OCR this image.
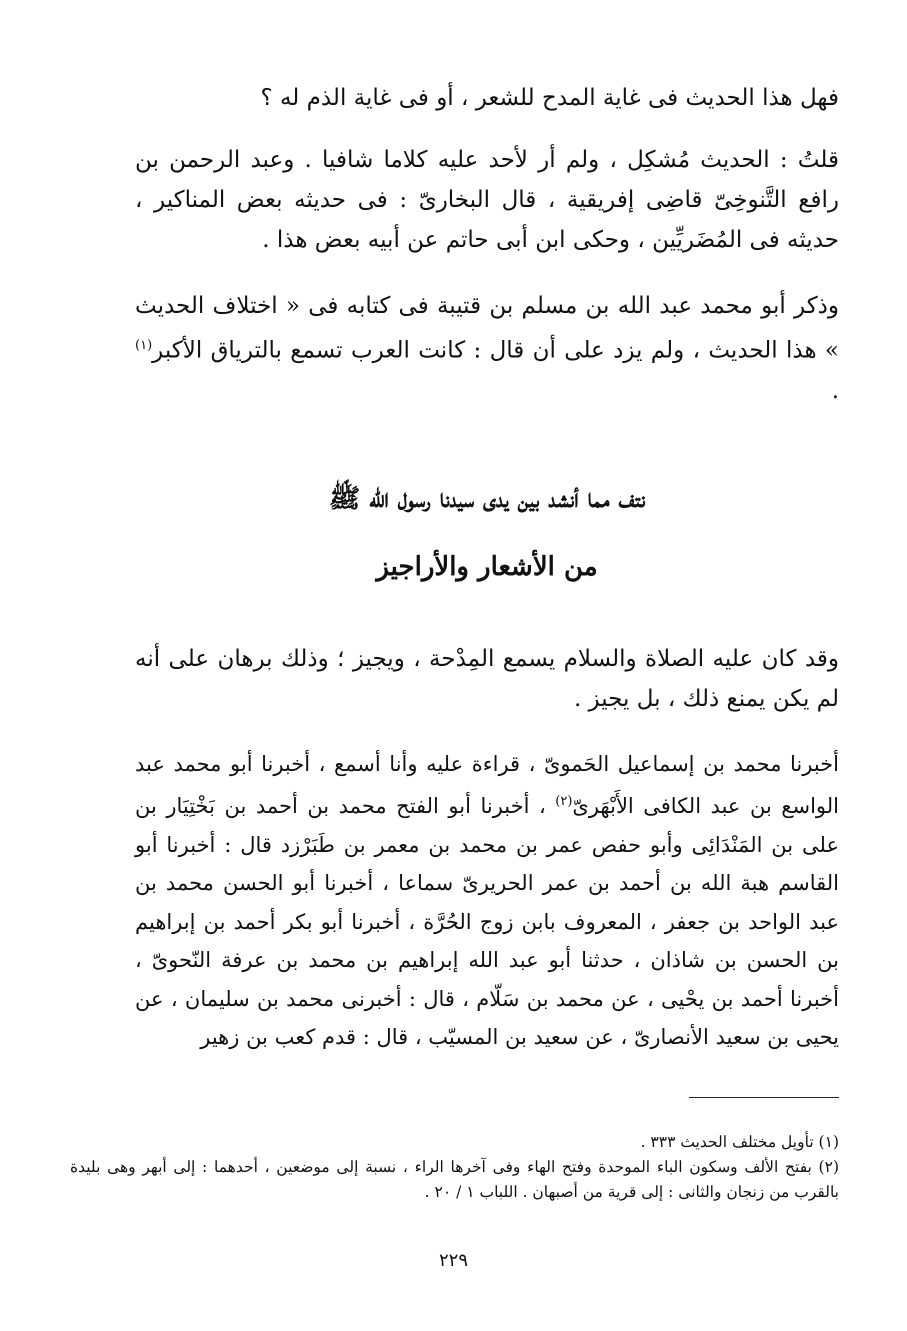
فهل هذا الحديث فى غاية المدح للشعر ، أو فى غاية الذم له ؟

قلتُ : الحديث مُشكِل ، ولم أر لأحد عليه كلاما شافيا . وعبد الرحمن بن رافع التَّنوخِىّ قاضِى إفريقية ، قال البخارىّ : فى حديثه بعض المناكير ، حديثه فى المُضَريِّين ، وحكى ابن أبى حاتم عن أبيه بعض هذا .

وذكر أبو محمد عبد الله بن مسلم بن قتيبة فى كتابه فى « اختلاف الحديث » هذا الحديث ، ولم يزد على أن قال : كانت العرب تسمع بالترياق الأكبر$^{(١)}$ .

نتف مما أنشد بين يدى سيدنا رسول الله ﷺ
من الأشعار والأراجيز

وقد كان عليه الصلاة والسلام يسمع المِدْحة ، ويجيز ؛ وذلك برهان على أنه لم يكن يمنع ذلك ، بل يجيز .

أخبرنا محمد بن إسماعيل الحَموىّ ، قراءة عليه وأنا أسمع ، أخبرنا أبو محمد عبد الواسع بن عبد الكافى الأَبْهَرىّ$^{(٢)}$ ، أخبرنا أبو الفتح محمد بن أحمد بن بَخْتِيَار بن على بن المَنْدَائِى وأبو حفص عمر بن محمد بن معمر بن طَبَرْزد قال : أخبرنا أبو القاسم هبة الله بن أحمد بن عمر الحريرىّ سماعا ، أخبرنا أبو الحسن محمد بن عبد الواحد بن جعفر ، المعروف بابن زوج الحُرَّة ، أخبرنا أبو بكر أحمد بن إبراهيم بن الحسن بن شاذان ، حدثنا أبو عبد الله إبراهيم بن محمد بن عرفة النّحوىّ ، أخبرنا أحمد بن يحْيى ، عن محمد بن سَلّام ، قال : أخبرنى محمد بن سليمان ، عن يحيى بن سعيد الأنصارىّ ، عن سعيد بن المسيّب ، قال : قدم كعب بن زهير

(١) تأويل مختلف الحديث ٣٣٣ .

(٢) بفتح الألف وسكون الباء الموحدة وفتح الهاء وفى آخرها الراء ، نسبة إلى موضعين ، أحدهما : إلى أبهر وهى بليدة بالقرب من زنجان والثانى : إلى قرية من أصبهان . اللباب ١ / ٢٠ .

٢٢٩
